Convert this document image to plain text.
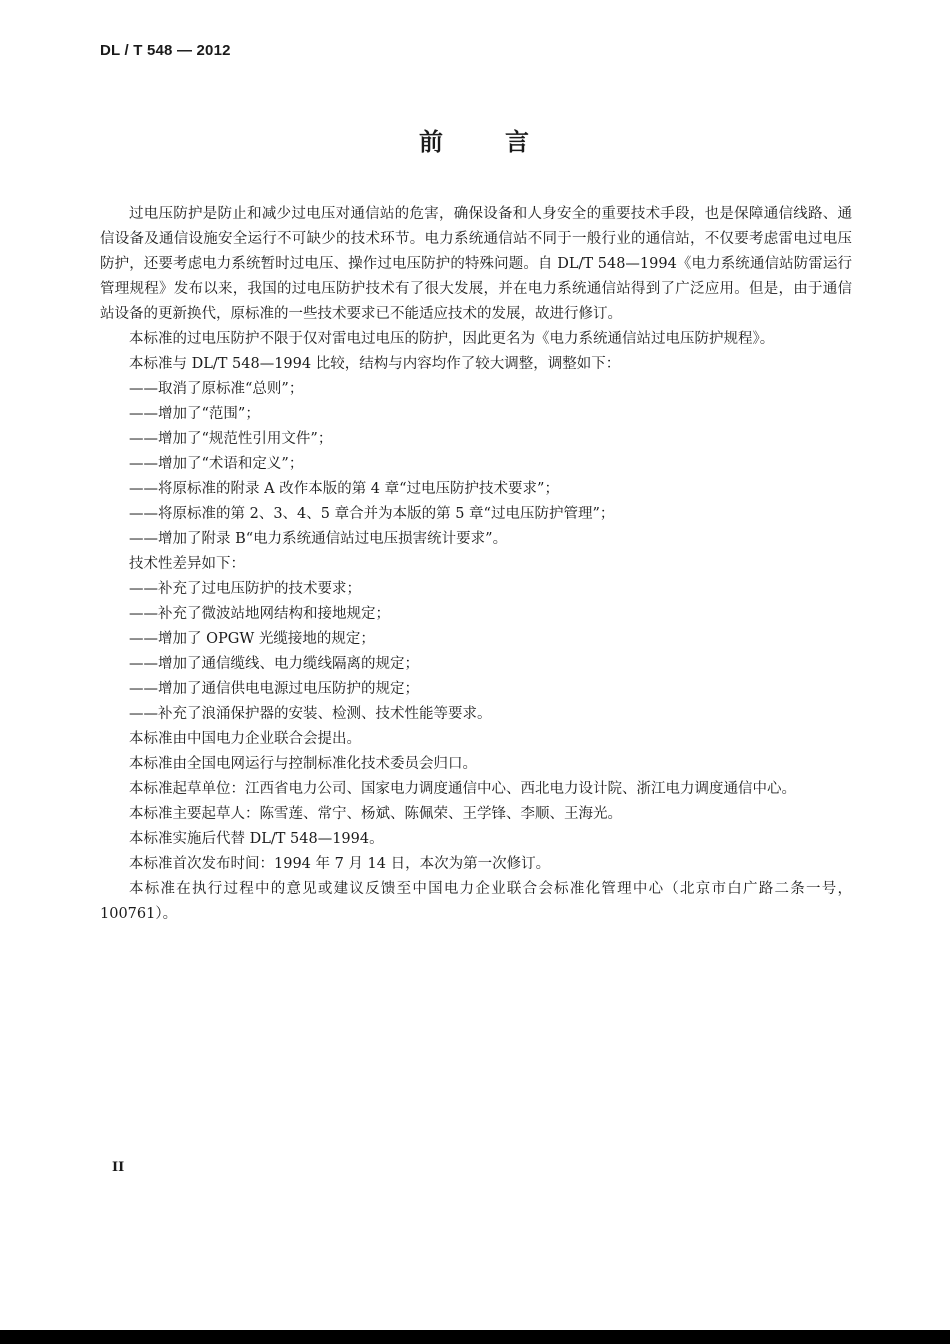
DL / T 548 — 2012
前	言

过电压防护是防止和减少过电压对通信站的危害，确保设备和人身安全的重要技术手段，也是保障通信线路、通信设备及通信设施安全运行不可缺少的技术环节。电力系统通信站不同于一般行业的通信站，不仅要考虑雷电过电压防护，还要考虑电力系统暂时过电压、操作过电压防护的特殊问题。自 DL/T 548—1994《电力系统通信站防雷运行管理规程》发布以来，我国的过电压防护技术有了很大发展，并在电力系统通信站得到了广泛应用。但是，由于通信站设备的更新换代，原标准的一些技术要求已不能适应技术的发展，故进行修订。

本标准的过电压防护不限于仅对雷电过电压的防护，因此更名为《电力系统通信站过电压防护规程》。

本标准与 DL/T 548—1994 比较，结构与内容均作了较大调整，调整如下：

——取消了原标准“总则”；

——增加了“范围”；

——增加了“规范性引用文件”；

——增加了“术语和定义”；

——将原标准的附录 A 改作本版的第 4 章“过电压防护技术要求”；

——将原标准的第 2、3、4、5 章合并为本版的第 5 章“过电压防护管理”；

——增加了附录 B“电力系统通信站过电压损害统计要求”。

技术性差异如下：

——补充了过电压防护的技术要求；

——补充了微波站地网结构和接地规定；

——增加了 OPGW 光缆接地的规定；

——增加了通信缆线、电力缆线隔离的规定；

——增加了通信供电电源过电压防护的规定；

——补充了浪涌保护器的安装、检测、技术性能等要求。

本标准由中国电力企业联合会提出。

本标准由全国电网运行与控制标准化技术委员会归口。

本标准起草单位：江西省电力公司、国家电力调度通信中心、西北电力设计院、浙江电力调度通信中心。

本标准主要起草人：陈雪莲、常宁、杨斌、陈佩荣、王学锋、李顺、王海光。

本标准实施后代替 DL/T 548—1994。

本标准首次发布时间：1994 年 7 月 14 日，本次为第一次修订。

本标准在执行过程中的意见或建议反馈至中国电力企业联合会标准化管理中心（北京市白广路二条一号，100761）。

II
